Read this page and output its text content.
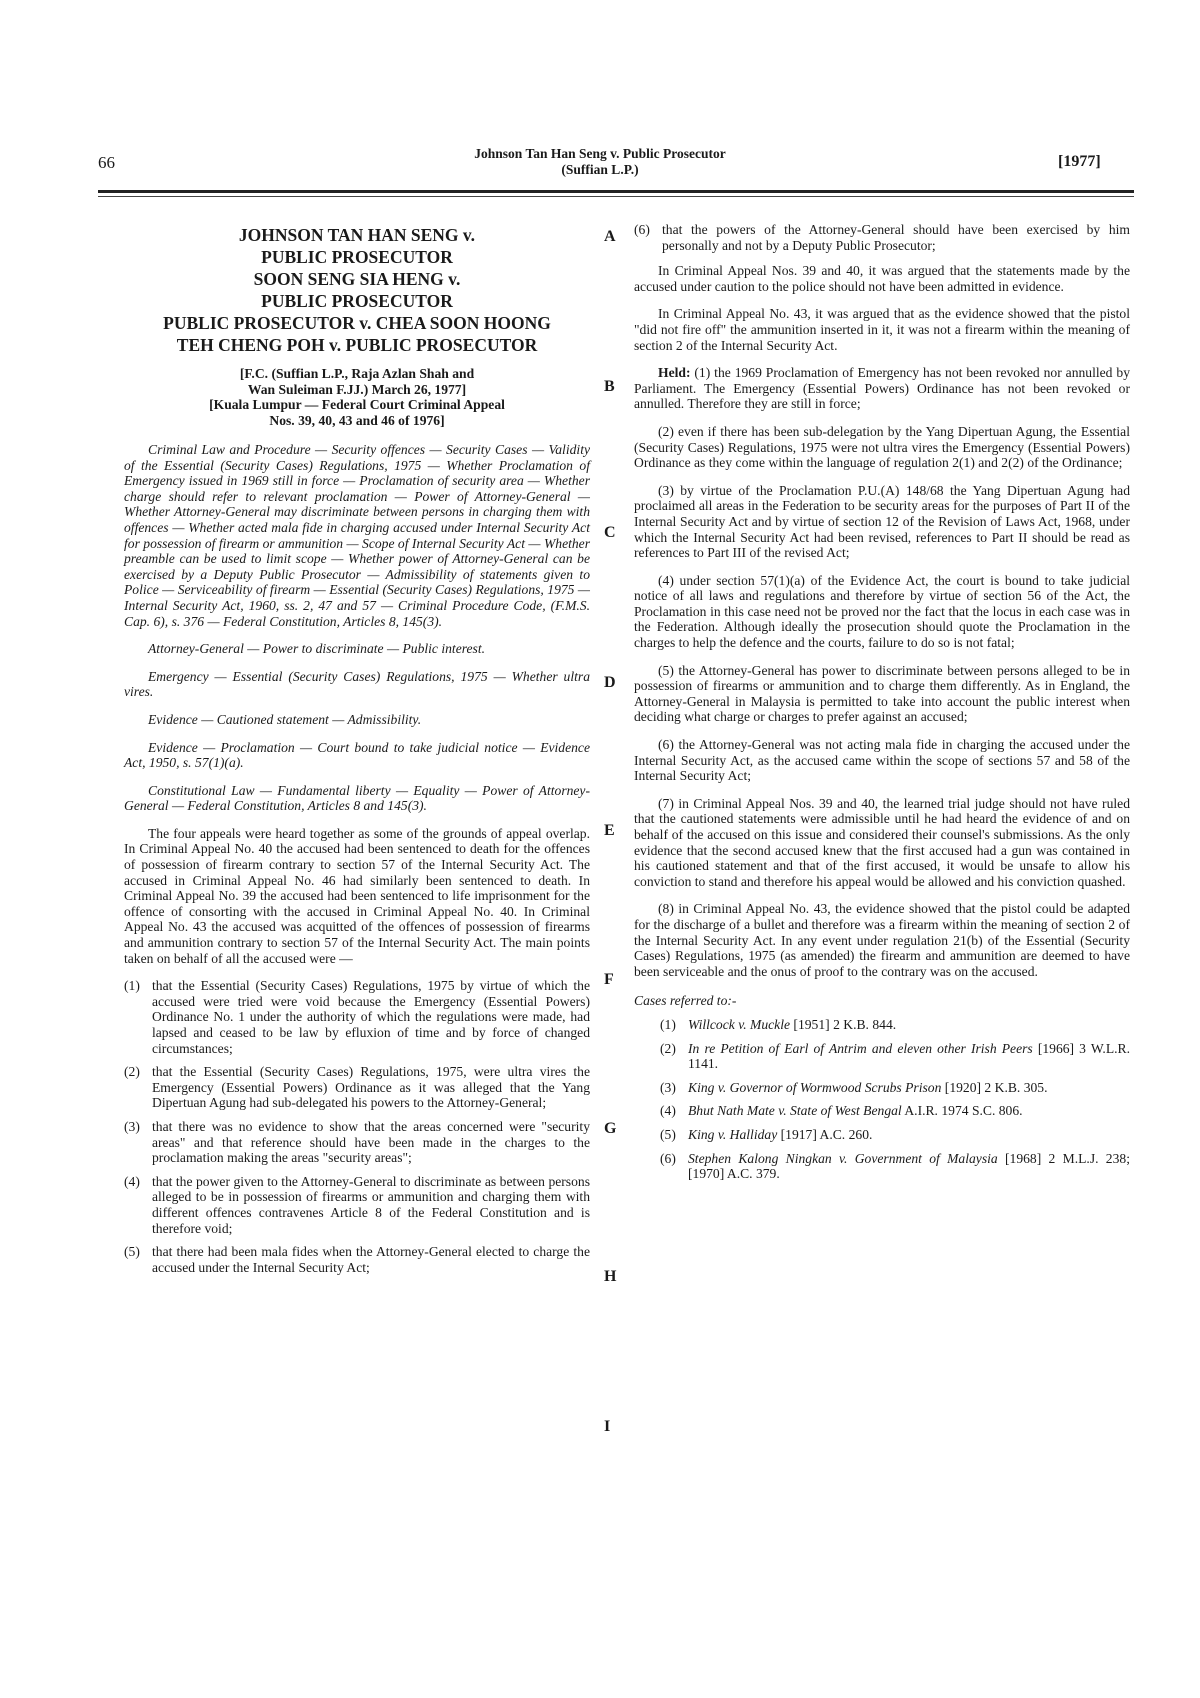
66	Johnson Tan Han Seng v. Public Prosecutor
(Suffian L.P.)	[1977]
A
B
C
D
E
F
G
H
I
JOHNSON TAN HAN SENG v.
PUBLIC PROSECUTOR
SOON SENG SIA HENG v.
PUBLIC PROSECUTOR
PUBLIC PROSECUTOR v. CHEA SOON HOONG
TEH CHENG POH v. PUBLIC PROSECUTOR
[F.C. (Suffian L.P., Raja Azlan Shah and
Wan Suleiman F.JJ.) March 26, 1977]
[Kuala Lumpur — Federal Court Criminal Appeal
Nos. 39, 40, 43 and 46 of 1976]

Criminal Law and Procedure — Security offences — Security Cases — Validity of the Essential (Security Cases) Regulations, 1975 — Whether Proclamation of Emergency issued in 1969 still in force — Proclamation of security area — Whether charge should refer to relevant proclamation — Power of Attorney-General — Whether Attorney-General may discriminate between persons in charging them with offences — Whether acted mala fide in charging accused under Internal Security Act for possession of firearm or ammunition — Scope of Internal Security Act — Whether preamble can be used to limit scope — Whether power of Attorney-General can be exercised by a Deputy Public Prosecutor — Admissibility of statements given to Police — Serviceability of firearm — Essential (Security Cases) Regulations, 1975 — Internal Security Act, 1960, ss. 2, 47 and 57 — Criminal Procedure Code, (F.M.S. Cap. 6), s. 376 — Federal Constitution, Articles 8, 145(3).

Attorney-General — Power to discriminate — Public interest.

Emergency — Essential (Security Cases) Regulations, 1975 — Whether ultra vires.

Evidence — Cautioned statement — Admissibility.

Evidence — Proclamation — Court bound to take judicial notice — Evidence Act, 1950, s. 57(1)(a).

Constitutional Law — Fundamental liberty — Equality — Power of Attorney-General — Federal Constitution, Articles 8 and 145(3).

The four appeals were heard together as some of the grounds of appeal overlap. In Criminal Appeal No. 40 the accused had been sentenced to death for the offences of possession of firearm contrary to section 57 of the Internal Security Act. The accused in Criminal Appeal No. 46 had similarly been sentenced to death. In Criminal Appeal No. 39 the accused had been sentenced to life imprisonment for the offence of consorting with the accused in Criminal Appeal No. 40. In Criminal Appeal No. 43 the accused was acquitted of the offences of possession of firearms and ammunition contrary to section 57 of the Internal Security Act. The main points taken on behalf of all the accused were —

(1) that the Essential (Security Cases) Regulations, 1975 by virtue of which the accused were tried were void because the Emergency (Essential Powers) Ordinance No. 1 under the authority of which the regulations were made, had lapsed and ceased to be law by efluxion of time and by force of changed circumstances;
(2) that the Essential (Security Cases) Regulations, 1975, were ultra vires the Emergency (Essential Powers) Ordinance as it was alleged that the Yang Dipertuan Agung had sub-delegated his powers to the Attorney-General;
(3) that there was no evidence to show that the areas concerned were "security areas" and that reference should have been made in the charges to the proclamation making the areas "security areas";
(4) that the power given to the Attorney-General to discriminate as between persons alleged to be in possession of firearms or ammunition and charging them with different offences contravenes Article 8 of the Federal Constitution and is therefore void;
(5) that there had been mala fides when the Attorney-General elected to charge the accused under the Internal Security Act;
(6) that the powers of the Attorney-General should have been exercised by him personally and not by a Deputy Public Prosecutor;

In Criminal Appeal Nos. 39 and 40, it was argued that the statements made by the accused under caution to the police should not have been admitted in evidence.

In Criminal Appeal No. 43, it was argued that as the evidence showed that the pistol "did not fire off" the ammunition inserted in it, it was not a firearm within the meaning of section 2 of the Internal Security Act.

Held: (1) the 1969 Proclamation of Emergency has not been revoked nor annulled by Parliament. The Emergency (Essential Powers) Ordinance has not been revoked or annulled. Therefore they are still in force;

(2) even if there has been sub-delegation by the Yang Dipertuan Agung, the Essential (Security Cases) Regulations, 1975 were not ultra vires the Emergency (Essential Powers) Ordinance as they come within the language of regulation 2(1) and 2(2) of the Ordinance;

(3) by virtue of the Proclamation P.U.(A) 148/68 the Yang Dipertuan Agung had proclaimed all areas in the Federation to be security areas for the purposes of Part II of the Internal Security Act and by virtue of section 12 of the Revision of Laws Act, 1968, under which the Internal Security Act had been revised, references to Part II should be read as references to Part III of the revised Act;

(4) under section 57(1)(a) of the Evidence Act, the court is bound to take judicial notice of all laws and regulations and therefore by virtue of section 56 of the Act, the Proclamation in this case need not be proved nor the fact that the locus in each case was in the Federation. Although ideally the prosecution should quote the Proclamation in the charges to help the defence and the courts, failure to do so is not fatal;

(5) the Attorney-General has power to discriminate between persons alleged to be in possession of firearms or ammunition and to charge them differently. As in England, the Attorney-General in Malaysia is permitted to take into account the public interest when deciding what charge or charges to prefer against an accused;

(6) the Attorney-General was not acting mala fide in charging the accused under the Internal Security Act, as the accused came within the scope of sections 57 and 58 of the Internal Security Act;

(7) in Criminal Appeal Nos. 39 and 40, the learned trial judge should not have ruled that the cautioned statements were admissible until he had heard the evidence of and on behalf of the accused on this issue and considered their counsel's submissions. As the only evidence that the second accused knew that the first accused had a gun was contained in his cautioned statement and that of the first accused, it would be unsafe to allow his conviction to stand and therefore his appeal would be allowed and his conviction quashed.

(8) in Criminal Appeal No. 43, the evidence showed that the pistol could be adapted for the discharge of a bullet and therefore was a firearm within the meaning of section 2 of the Internal Security Act. In any event under regulation 21(b) of the Essential (Security Cases) Regulations, 1975 (as amended) the firearm and ammunition are deemed to have been serviceable and the onus of proof to the contrary was on the accused.

Cases referred to:-
(1) Willcock v. Muckle [1951] 2 K.B. 844.
(2) In re Petition of Earl of Antrim and eleven other Irish Peers [1966] 3 W.L.R. 1141.
(3) King v. Governor of Wormwood Scrubs Prison [1920] 2 K.B. 305.
(4) Bhut Nath Mate v. State of West Bengal A.I.R. 1974 S.C. 806.
(5) King v. Halliday [1917] A.C. 260.
(6) Stephen Kalong Ningkan v. Government of Malaysia [1968] 2 M.L.J. 238; [1970] A.C. 379.
